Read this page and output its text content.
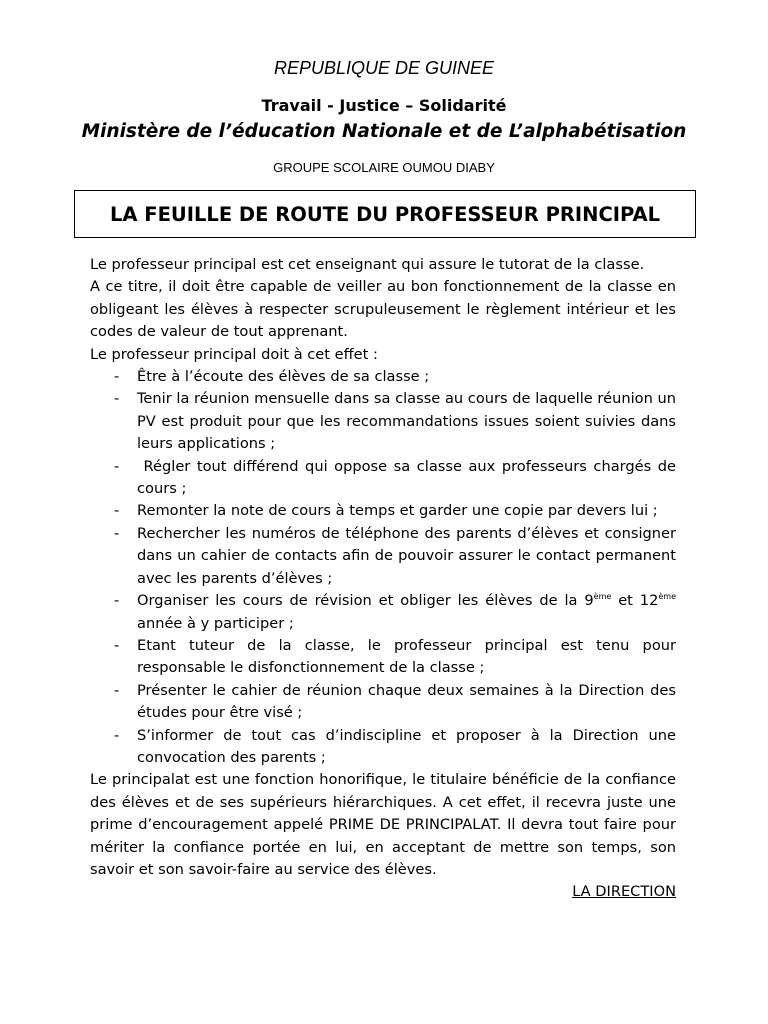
REPUBLIQUE DE GUINEE
Travail - Justice – Solidarité
Ministère de l’éducation Nationale et de L’alphabétisation
GROUPE SCOLAIRE OUMOU DIABY
LA FEUILLE DE ROUTE DU PROFESSEUR PRINCIPAL

Le professeur principal est cet enseignant qui assure le tutorat de la classe.

A ce titre, il doit être capable de veiller au bon fonctionnement de la classe en obligeant les élèves à respecter scrupuleusement le règlement intérieur et les codes de valeur de tout apprenant.

Le professeur principal doit à cet effet :

- Être à l’écoute des élèves de sa classe ;
- Tenir la réunion mensuelle dans sa classe au cours de laquelle réunion un PV est produit pour que les recommandations issues soient suivies dans leurs applications ;
-  Régler tout différend qui oppose sa classe aux professeurs chargés de cours ;
- Remonter la note de cours à temps et garder une copie par devers lui ;
- Rechercher les numéros de téléphone des parents d’élèves et consigner dans un cahier de contacts afin de pouvoir assurer le contact permanent avec les parents d’élèves ;
- Organiser les cours de révision et obliger les élèves de la 9ème et 12ème année à y participer ;
- Etant tuteur de la classe, le professeur principal est tenu pour responsable le disfonctionnement de la classe ;
- Présenter le cahier de réunion chaque deux semaines à la Direction des études pour être visé ;
- S’informer de tout cas d’indiscipline et proposer à la Direction une convocation des parents ;

Le principalat est une fonction honorifique, le titulaire bénéficie de la confiance des élèves et de ses supérieurs hiérarchiques. A cet effet, il recevra juste une prime d’encouragement appelé PRIME DE PRINCIPALAT. Il devra tout faire pour mériter la confiance portée en lui, en acceptant de mettre son temps, son savoir et son savoir-faire au service des élèves.

LA DIRECTION
